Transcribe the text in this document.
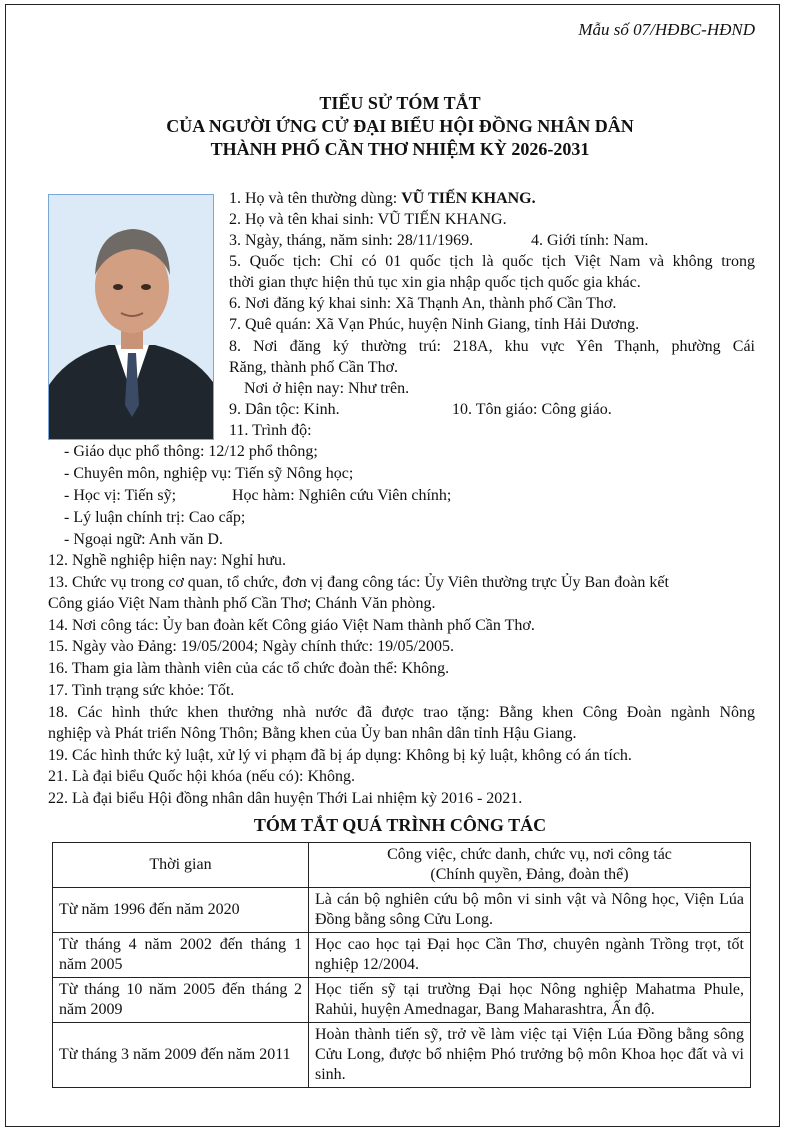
Mẫu số 07/HĐBC-HĐND
TIỂU SỬ TÓM TẮT
CỦA NGƯỜI ỨNG CỬ ĐẠI BIỂU HỘI ĐỒNG NHÂN DÂN
THÀNH PHỐ CẦN THƠ NHIỆM KỲ 2026-2031
1. Họ và tên thường dùng: VŨ TIẾN KHANG.
2. Họ và tên khai sinh: VŨ TIẾN KHANG.
3. Ngày, tháng, năm sinh: 28/11/1969.	4. Giới tính: Nam.
5. Quốc tịch: Chỉ có 01 quốc tịch là quốc tịch Việt Nam và không trong
thời gian thực hiện thủ tục xin gia nhập quốc tịch quốc gia khác.
6. Nơi đăng ký khai sinh: Xã Thạnh An, thành phố Cần Thơ.
7. Quê quán: Xã Vạn Phúc, huyện Ninh Giang, tỉnh Hải Dương.
8. Nơi đăng ký thường trú: 218A, khu vực Yên Thạnh, phường Cái
Răng, thành phố Cần Thơ.
Nơi ở hiện nay: Như trên.
9. Dân tộc: Kinh.	10. Tôn giáo: Công giáo.
11. Trình độ:
- Giáo dục phổ thông: 12/12 phổ thông;
- Chuyên môn, nghiệp vụ: Tiến sỹ Nông học;
- Học vị: Tiến sỹ;	Học hàm: Nghiên cứu Viên chính;
- Lý luận chính trị: Cao cấp;
- Ngoại ngữ: Anh văn D.
12. Nghề nghiệp hiện nay: Nghỉ hưu.
13. Chức vụ trong cơ quan, tổ chức, đơn vị đang công tác: Ủy Viên thường trực Ủy Ban đoàn kết
Công giáo Việt Nam thành phố Cần Thơ; Chánh Văn phòng.
14. Nơi công tác: Ủy ban đoàn kết Công giáo Việt Nam thành phố Cần Thơ.
15. Ngày vào Đảng: 19/05/2004; Ngày chính thức: 19/05/2005.
16. Tham gia làm thành viên của các tổ chức đoàn thể: Không.
17. Tình trạng sức khỏe: Tốt.
18. Các hình thức khen thưởng nhà nước đã được trao tặng: Bằng khen Công Đoàn ngành Nông
nghiệp và Phát triển Nông Thôn; Bằng khen của Ủy ban nhân dân tỉnh Hậu Giang.
19. Các hình thức kỷ luật, xử lý vi phạm đã bị áp dụng: Không bị kỷ luật, không có án tích.
21. Là đại biểu Quốc hội khóa (nếu có): Không.
22. Là đại biểu Hội đồng nhân dân huyện Thới Lai nhiệm kỳ 2016 - 2021.
TÓM TẮT QUÁ TRÌNH CÔNG TÁC
Thời gian	Công việc, chức danh, chức vụ, nơi công tác
(Chính quyền, Đảng, đoàn thể)

Từ năm 1996 đến năm 2020	Là cán bộ nghiên cứu bộ môn vi sinh vật và Nông học, Viện Lúa Đồng bằng sông Cửu Long.
Từ tháng 4 năm 2002 đến tháng 1 năm 2005	Học cao học tại Đại học Cần Thơ, chuyên ngành Trồng trọt, tốt nghiệp 12/2004.
Từ tháng 10 năm 2005 đến tháng 2 năm 2009	Học tiến sỹ tại trường Đại học Nông nghiệp Mahatma Phule, Rahủi, huyện Amednagar, Bang Maharashtra, Ấn độ.
Từ tháng 3 năm 2009 đến năm 2011	Hoàn thành tiến sỹ, trở về làm việc tại Viện Lúa Đồng bằng sông Cửu Long, được bổ nhiệm Phó trưởng bộ môn Khoa học đất và vi sinh.
